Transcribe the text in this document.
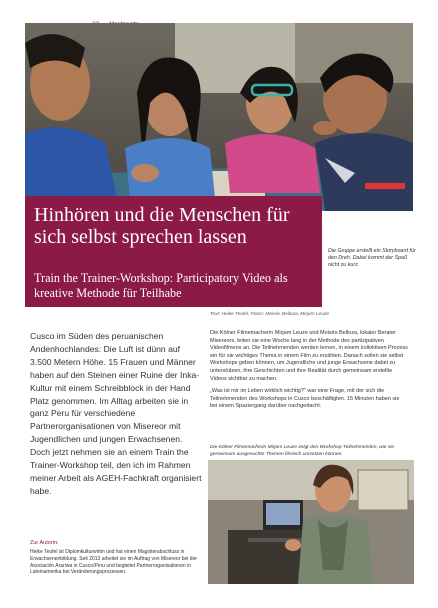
Hinhören und die Menschen für sich selbst sprechen lassen
Train the Trainer-Workshop: Participatory Video als kreative Methode für Teilhabe
Die Gruppe erstellt ein Storyboard für den Dreh. Dabei kommt der Spaß nicht zu kurz.
Text: Heike Teufel, Fotos: Moisés Belloza, Mirjam Leuze

Cusco im Süden des peruanischen Andenhochlandes: Die Luft ist dünn auf 3.500 Metern Höhe. 15 Frauen und Männer haben auf den Steinen einer Ruine der Inka-Kultur mit einem Schreibblock in der Hand Platz genommen. Im Alltag arbeiten sie in ganz Peru für verschiedene Partnerorganisationen von Misereor mit Jugendlichen und jungen Erwachsenen. Doch jetzt nehmen sie an einem Train the Trainer-Workshop teil, den ich im Rahmen meiner Arbeit als AGEH-Fachkraft organisiert habe.

Die Kölner Filmemacherin Mirjam Leuze und Moisés Belloza, lokaler Berater Misereors, leiten sie eine Woche lang in der Methode des partizipativen Videofilmens an. Die Teilnehmenden werden lernen, in einem kollektiven Prozess ein für sie wichtiges Thema in einem Film zu erzählen. Danach sollen sie selbst Workshops geben können, um Jugendliche und junge Erwachsene dabei zu unterstützen, ihre Geschichten und ihre Realität durch gemeinsam erstellte Videos sichtbar zu machen.

„Was ist mir im Leben wirklich wichtig?" war eine Frage, mit der sich die Teilnehmenden des Workshops in Cusco beschäftigten. 15 Minuten haben sie bei einem Spaziergang darüber nachgedacht.

Die Kölner Filmemacherin Mirjam Leuze zeigt den Workshop-Teilnehmenden, wie sie gemeinsam ausgesuchte Themen filmisch umsetzen können.
Zur Autorin:
Heike Teufel ist Diplomkulturwirtin und hat einen Magisterabschluss in Erwachsenenbildung. Seit 2013 arbeitet sie im Auftrag von Misereor bei der Asociación Arariwa in Cusco/Peru und begleitet Partnerorganisationen in Lateinamerika bei Veränderungsprozessen.
